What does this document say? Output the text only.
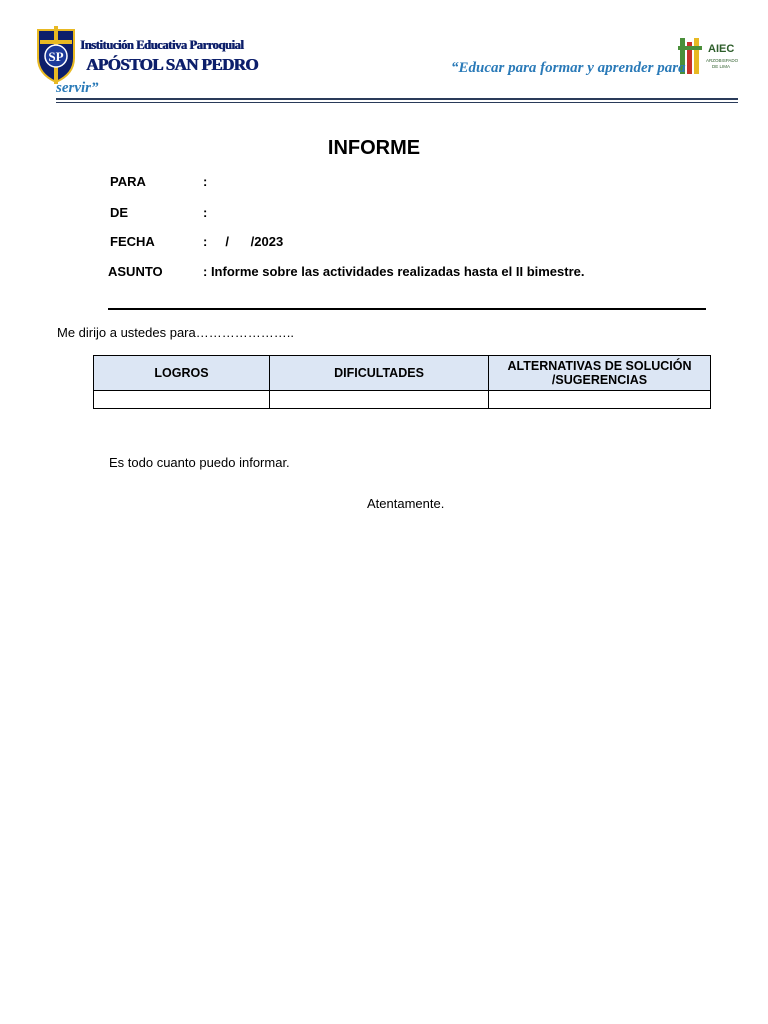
SP
Institución Educativa Parroquial
APÓSTOL SAN PEDRO
AIEC
ARZOBISPADO
DE LIMA
“Educar para formar y aprender para
servir”
INFORME
PARA	:
DE	:
FECHA	:     /      /2023
ASUNTO	: Informe sobre las actividades realizadas hasta el II bimestre.
Me dirijo a ustedes para…………………..
LOGROS	DIFICULTADES	ALTERNATIVAS DE SOLUCIÓN /SUGERENCIAS

Es todo cuanto puedo informar.
Atentamente.
